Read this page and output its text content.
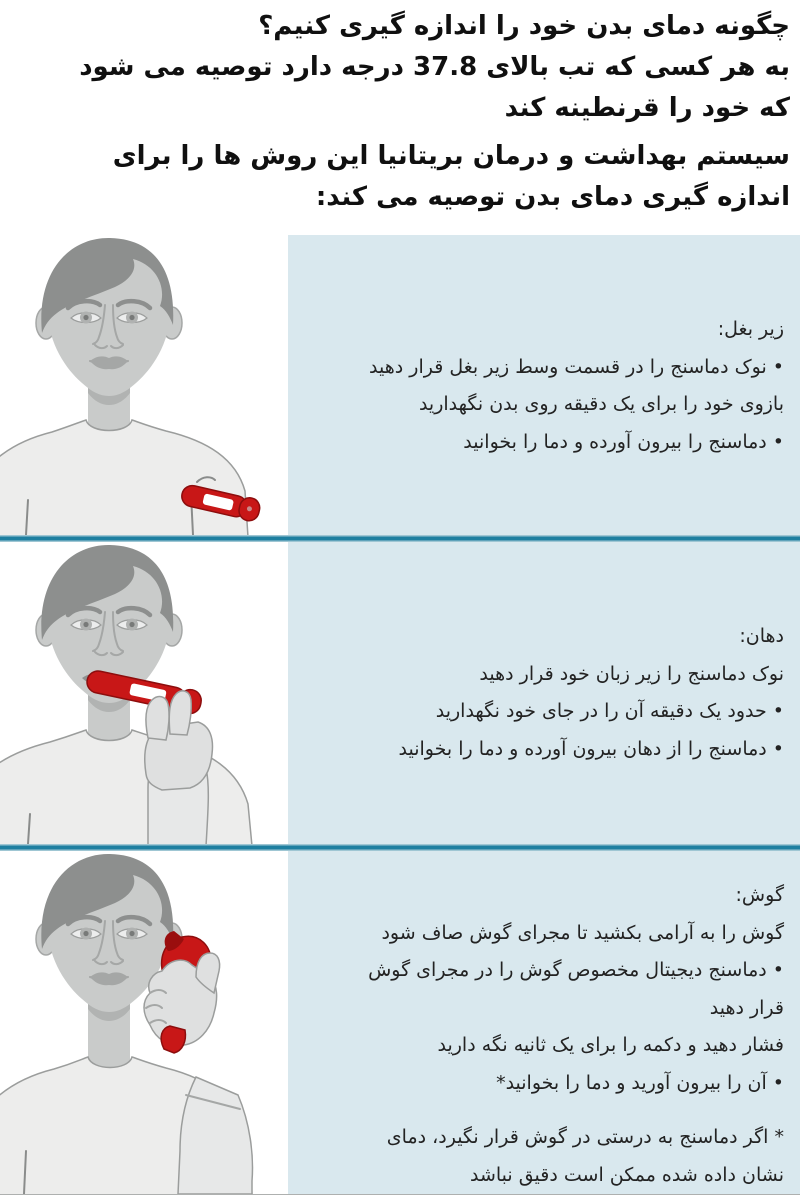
چگونه دمای بدن خود را اندازه گیری کنیم؟
به هر کسی که تب بالای 37.8 درجه دارد توصیه می شود
که خود را قرنطینه کند
سیستم بهداشت و درمان بریتانیا این روش ها را برای
اندازه گیری دمای بدن توصیه می کند:
زیر بغل:
• نوک دماسنج را در قسمت وسط زیر بغل قرار دهید
بازوی خود را برای یک دقیقه روی بدن نگهدارید
• دماسنج را بیرون آورده و دما را بخوانید
دهان:
نوک دماسنج را زیر زبان خود قرار دهید
• حدود یک دقیقه آن را در جای خود نگهدارید
• دماسنج را از دهان بیرون آورده و دما را بخوانید
گوش:
گوش را به آرامی بکشید تا مجرای گوش صاف شود
• دماسنج دیجیتال مخصوص گوش را در مجرای گوش
قرار دهید
فشار دهید و دکمه را برای یک ثانیه نگه دارید
• آن را بیرون آورید و دما را بخوانید*
* اگر دماسنج به درستی در گوش قرار نگیرد، دمای
نشان داده شده ممکن است دقیق نباشد
